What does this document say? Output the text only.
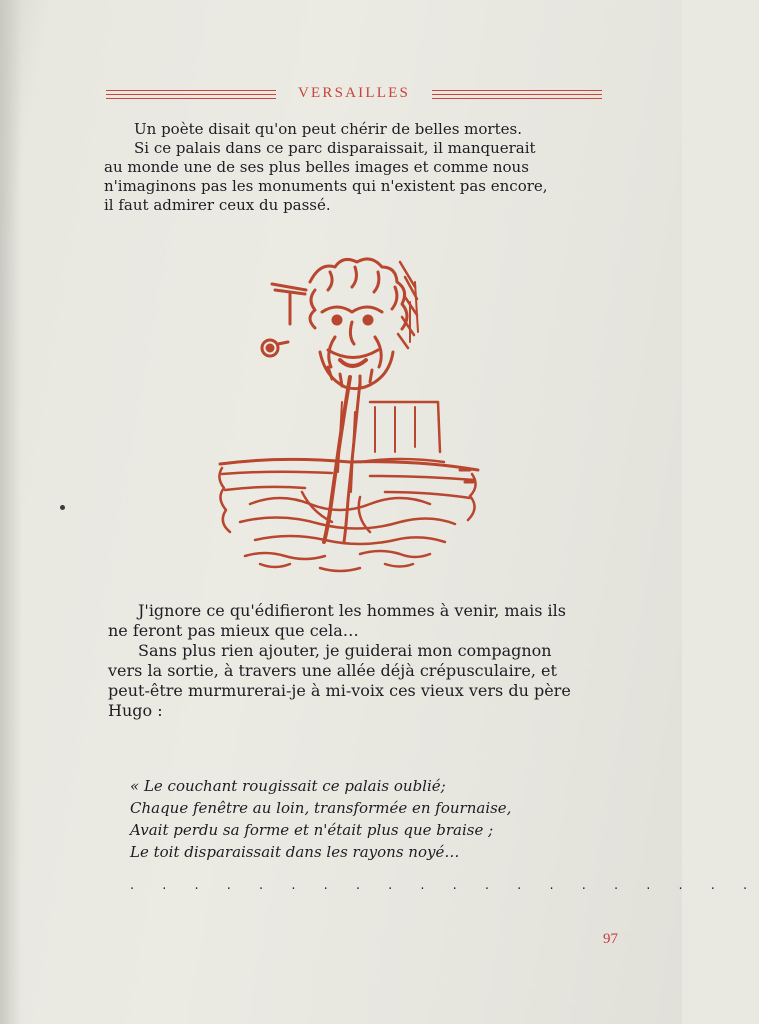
VERSAILLES

Un poète disait qu'on peut chérir de belles mortes.
Si ce palais dans ce parc disparaissait, il manquerait
au monde une de ses plus belles images et comme nous
n'imaginons pas les monuments qui n'existent pas encore,
il faut admirer ceux du passé.

J'ignore ce qu'édifieront les hommes à venir, mais ils
ne feront pas mieux que cela…
Sans plus rien ajouter, je guiderai mon compagnon
vers la sortie, à travers une allée déjà crépusculaire, et
peut-être murmurerai-je à mi-voix ces vieux vers du père
Hugo :

« Le couchant rougissait ce palais oublié;
Chaque fenêtre au loin, transformée en fournaise,
Avait perdu sa forme et n'était plus que braise ;
Le toit disparaissait dans les rayons noyé…
. . . . . . . . . . . . . . . . . . . .
97
